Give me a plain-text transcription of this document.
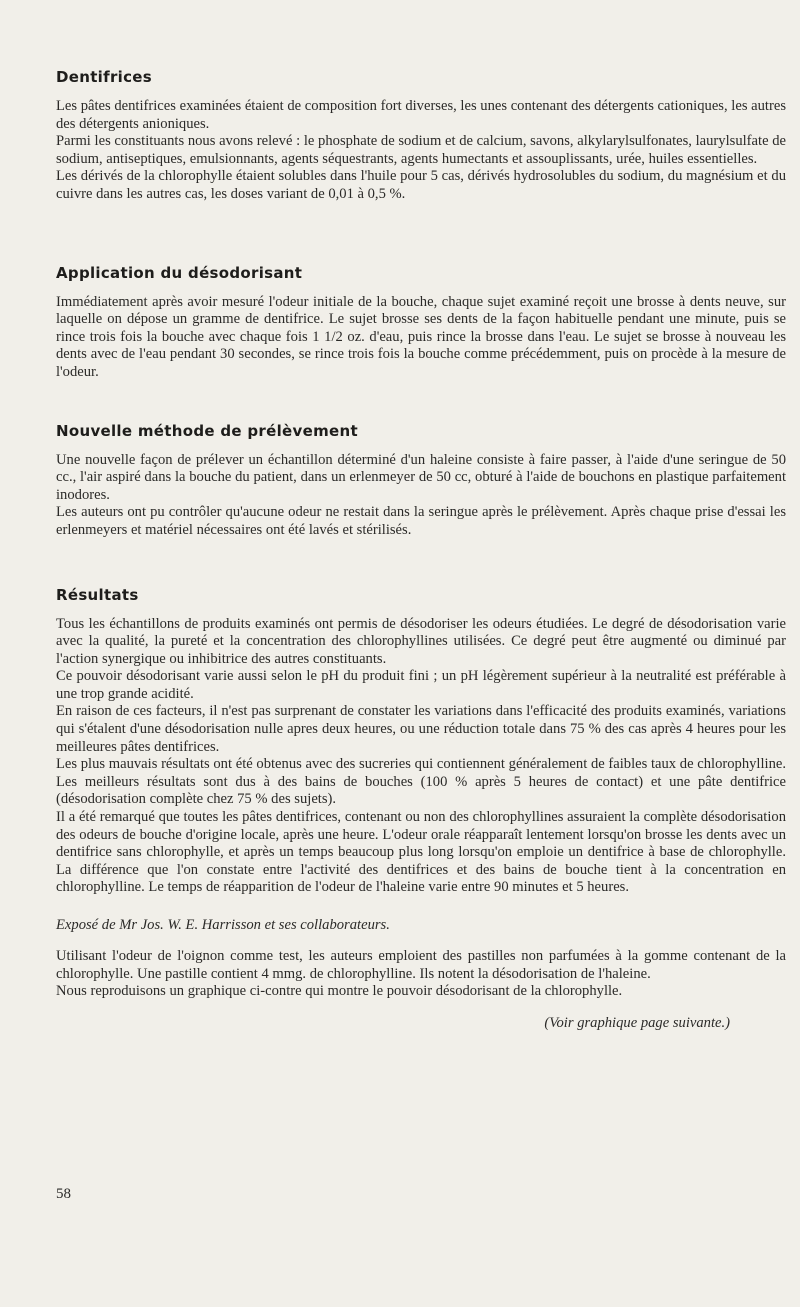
Dentifrices

Les pâtes dentifrices examinées étaient de composition fort diverses, les unes contenant des détergents cationiques, les autres des détergents anioniques.

Parmi les constituants nous avons relevé : le phosphate de sodium et de calcium, savons, alkylarylsulfonates, laurylsulfate de sodium, antiseptiques, emulsionnants, agents séquestrants, agents humectants et assouplissants, urée, huiles essentielles.

Les dérivés de la chlorophylle étaient solubles dans l'huile pour 5 cas, dérivés hydrosolubles du sodium, du magnésium et du cuivre dans les autres cas, les doses variant de 0,01 à 0,5 %.

Application du désodorisant

Immédiatement après avoir mesuré l'odeur initiale de la bouche, chaque sujet examiné reçoit une brosse à dents neuve, sur laquelle on dépose un gramme de dentifrice. Le sujet brosse ses dents de la façon habituelle pendant une minute, puis se rince trois fois la bouche avec chaque fois 1 1/2 oz. d'eau, puis rince la brosse dans l'eau. Le sujet se brosse à nouveau les dents avec de l'eau pendant 30 secondes, se rince trois fois la bouche comme précédemment, puis on procède à la mesure de l'odeur.

Nouvelle méthode de prélèvement

Une nouvelle façon de prélever un échantillon déterminé d'un haleine consiste à faire passer, à l'aide d'une seringue de 50 cc., l'air aspiré dans la bouche du patient, dans un erlenmeyer de 50 cc, obturé à l'aide de bouchons en plastique parfaitement inodores.

Les auteurs ont pu contrôler qu'aucune odeur ne restait dans la seringue après le prélèvement. Après chaque prise d'essai les erlenmeyers et matériel nécessaires ont été lavés et stérilisés.

Résultats

Tous les échantillons de produits examinés ont permis de désodoriser les odeurs étudiées. Le degré de désodorisation varie avec la qualité, la pureté et la concentration des chlorophyllines utilisées. Ce degré peut être augmenté ou diminué par l'action synergique ou inhibitrice des autres constituants.

Ce pouvoir désodorisant varie aussi selon le pH du produit fini ; un pH légèrement supérieur à la neutralité est préférable à une trop grande acidité.

En raison de ces facteurs, il n'est pas surprenant de constater les variations dans l'efficacité des produits examinés, variations qui s'étalent d'une désodorisation nulle apres deux heures, ou une réduction totale dans 75 % des cas après 4 heures pour les meilleures pâtes dentifrices.

Les plus mauvais résultats ont été obtenus avec des sucreries qui contiennent généralement de faibles taux de chlorophylline. Les meilleurs résultats sont dus à des bains de bouches (100 % après 5 heures de contact) et une pâte dentifrice (désodorisation complète chez 75 % des sujets).

Il a été remarqué que toutes les pâtes dentifrices, contenant ou non des chlorophyllines assuraient la complète désodorisation des odeurs de bouche d'origine locale, après une heure. L'odeur orale réapparaît lentement lorsqu'on brosse les dents avec un dentifrice sans chlorophylle, et après un temps beaucoup plus long lorsqu'on emploie un dentifrice à base de chlorophylle. La différence que l'on constate entre l'activité des dentifrices et des bains de bouche tient à la concentration en chlorophylline. Le temps de réapparition de l'odeur de l'haleine varie entre 90 minutes et 5 heures.

Exposé de Mr Jos. W. E. Harrisson et ses collaborateurs.

Utilisant l'odeur de l'oignon comme test, les auteurs emploient des pastilles non parfumées à la gomme contenant de la chlorophylle. Une pastille contient 4 mmg. de chlorophylline. Ils notent la désodorisation de l'haleine.

Nous reproduisons un graphique ci-contre qui montre le pouvoir désodorisant de la chlorophylle.

(Voir graphique page suivante.)

58
